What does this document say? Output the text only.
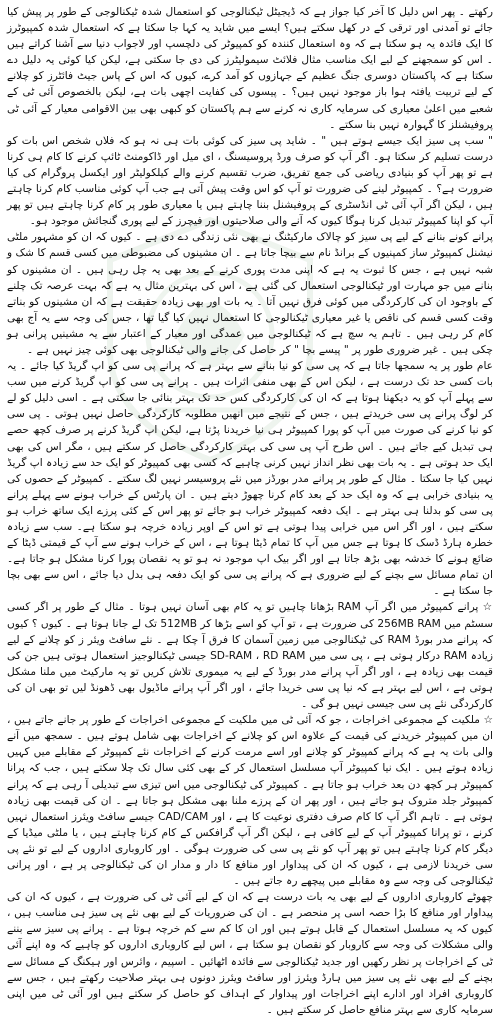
رکھتے ۔ پھر اس دلیل کا آخر کیا جواز ہے کہ ڈیجیٹل ٹیکنالوجی کو استعمال شدہ ٹیکنالوجی کے طور پر پیش کیا جائے تو آمدنی اور ترقی کے در کھل سکتے ہیں؟ ایسے میں شاید یہ کہا جا سکتا ہے کہ استعمال شدہ کمپیوٹرز کا ایک فائدہ یہ ہو سکتا ہے کہ وہ استعمال کنندہ کو کمپیوٹر کی دلچسپ اور لاجواب دنیا سے آشنا کراتے ہیں ۔ اس کو سمجھنے کے لیے ایک مناسب مثال فلائٹ سیمولیٹرز کی دی جا سکتی ہے، لیکن کیا کوئی یہ دلیل دے سکتا ہے کہ پاکستان دوسری جنگ عظیم کے جہازوں کو آمد کرے، کیوں کہ اس کے پاس جیٹ فائٹرز کو چلانے کے لیے تربیت یافتہ ہوا باز موجود نہیں ہیں؟ ۔ پیسوں کی کفایت اچھی بات ہے، لیکن بالخصوص آئی ٹی کے شعبے میں اعلیٰ معیاری کی سرمایہ کاری نہ کرنے سے ہم پاکستان کو کبھی بھی بین الاقوامی معیار کے آئی ٹی پروفیشنلز کا گہوارہ نہیں بنا سکتے ۔

" سب پی سیز ایک جیسے ہوتے ہیں " ۔ شاید پی سیز کی کوئی بات ہی نہ ہو کہ فلاں شخص اس بات کو درست تسلیم کر سکتا ہو۔ اگر آپ کو صرف ورڈ پروسیسنگ ، ای میل اور ڈاکومنٹ ٹائپ کرنے کا کام ہی کرنا ہے تو پھر آپ کو بنیادی ریاضی کی جمع تفریق، ضرب تقسیم کرنے والے کیلکولیٹر اور ایکسل پروگرام کی کیا ضرورت ہے؟ ۔ کمپیوٹر لینے کی ضرورت تو آپ کو اس وقت پیش آتی ہے جب آپ کوئی مناسب کام کرنا چاہتے ہیں ، لیکن اگر آپ آئی ٹی انڈسٹری کے پروفیشنل بننا چاہتے ہیں یا معیاری طور پر کام کرنا چاہتے ہیں تو پھر آپ کو اپنا کمپیوٹر تبدیل کرنا ہوگا کیوں کہ آنے والی صلاحیتوں اور فیچرز کے لیے پوری گنجائش موجود ہو۔

پرانے کونے بنانے کے لیے پی سیز کو چالاک مارکیٹنگ نے بھی نئی زندگی دے دی ہے ۔ کیوں کہ ان کو مشہور ملٹی نیشنل کمپیوٹر ساز کمپنیوں کے برانڈ نام سے بیچا جاتا ہے ۔ ان مشینوں کی مضبوطی میں کسی قسم کا شک و شبہ نہیں ہے ، جس کا ثبوت یہ ہے کہ اپنی مدت پوری کرنے کے بعد بھی یہ چل رہی ہیں ۔ ان مشینوں کو بنانے میں جو مہارت اور ٹیکنالوجی استعمال کی گئی ہے ، اس کی بہترین مثال یہ ہے کہ بہت عرصہ تک چلنے کے باوجود ان کی کارکردگی میں کوئی فرق نہیں آتا ۔ یہ بات اور بھی زیادہ حقیقت ہے کہ ان مشینوں کو بناتے وقت کسی قسم کی ناقص یا غیر معیاری ٹیکنالوجی کا استعمال نہیں کیا گیا تھا ، جس کی وجہ سے یہ آج بھی کام کر رہی ہیں ۔ تاہم یہ سچ ہے کہ ٹیکنالوجی میں عمدگی اور معیار کے اعتبار سے یہ مشینیں پرانی ہو چکی ہیں ۔ غیر ضروری طور پر " پیسے بچا " کر حاصل کی جانے والی ٹیکنالوجی بھی کوئی چیز نہیں ہے ۔

عام طور پر یہ سمجھا جاتا ہے کہ پی سی کو نیا بنانے سے بہتر ہے کہ پرانے پی سی کو اپ گریڈ کیا جائے ۔ یہ بات کسی حد تک درست ہے ، لیکن اس کے بھی منفی اثرات ہیں ۔ پرانے پی سی کو اپ گریڈ کرنے میں سب سے پہلے آپ کو یہ دیکھنا ہوتا ہے کہ ان کی کارکردگی کس حد تک بہتر بنائی جا سکتی ہے ۔ اسی دلیل کو لے کر لوگ پرانے پی سی خریدتے ہیں ، جس کے نتیجے میں انھیں مطلوبہ کارکردگی حاصل نہیں ہوتی ۔ پی سی کو نیا کرنے کی صورت میں آپ کو پورا کمپیوٹر ہی نیا خریدنا پڑتا ہے، لیکن اپ گریڈ کرنے پر صرف کچھ حصے ہی تبدیل کیے جاتے ہیں ۔ اس طرح آپ پی سی کی بہتر کارکردگی حاصل کر سکتے ہیں ، مگر اس کی بھی ایک حد ہوتی ہے ۔ یہ بات بھی نظر انداز نہیں کرنی چاہیے کہ کسی بھی کمپیوٹر کو ایک حد سے زیادہ اپ گریڈ نہیں کیا جا سکتا ۔ مثال کے طور پر پرانے مدر بورڈز میں نئے پروسیسر نہیں لگ سکتے ۔ کمپیوٹر کے حصوں کی یہ بنیادی خرابی ہے کہ وہ ایک حد کے بعد کام کرنا چھوڑ دیتے ہیں ۔ ان پارٹس کے خراب ہونے سے پہلے پرانے پی سی کو بدلنا ہی بہتر ہے ۔ ایک دفعہ کمپیوٹر خراب ہو جائے تو پھر اس کے کئی پرزے ایک ساتھ خراب ہو سکتے ہیں ، اور اگر اس میں خرابی پیدا ہوتی ہے تو اس کے اوپر زیادہ خرچہ ہو سکتا ہے۔ سب سے زیادہ خطرہ ہارڈ ڈسک کا ہوتا ہے جس میں آپ کا تمام ڈیٹا ہوتا ہے ، اس کے خراب ہونے سے آپ کے قیمتی ڈیٹا کے ضائع ہونے کا خدشہ بھی بڑھ جاتا ہے اور اگر بیک اپ موجود نہ ہو تو یہ نقصان پورا کرنا مشکل ہو جاتا ہے۔ ان تمام مسائل سے بچنے کے لیے ضروری ہے کہ پرانے پی سی کو ایک دفعہ ہی بدل دیا جائے ، اس سے بھی بچا جا سکتا ہے ۔

☆ پرانے کمپیوٹر میں اگر آپ RAM بڑھانا چاہیں تو یہ کام بھی آسان نہیں ہوتا ۔ مثال کے طور پر اگر کسی سسٹم میں 256MB RAM کی ضرورت ہے ، تو آپ کو اسے بڑھا کر 512MB تک لے جانا ہوتا ہے ۔ کیوں ؟ کیوں کہ پرانے مدر بورڈ RAM کی ٹیکنالوجی میں زمین آسمان کا فرق آ چکا ہے ۔ نئے سافٹ ویئر ز کو چلانے کے لیے زیادہ RAM درکار ہوتی ہے ، پی سی میں SD-RAM ، RD RAM جیسی ٹیکنالوجیز استعمال ہوتی ہیں جن کی قیمت بھی زیادہ ہے ، اور اگر آپ پرانے مدر بورڈ کے لیے یہ میموری تلاش کریں تو یہ مارکیٹ میں ملنا مشکل ہوتی ہے ، اس لیے بہتر ہے کہ نیا پی سی خریدا جائے ، اور اگر آپ پرانے ماڈیول بھی ڈھونڈ لیں تو بھی ان کی کارکردگی نئے پی سی جیسی نہیں ہو گی ۔

☆ ملکیت کے مجموعی اخراجات ، جو کہ آئی ٹی میں ملکیت کے مجموعی اخراجات کے طور پر جانے جاتے ہیں ، ان میں کمپیوٹر خریدنے کی قیمت کے علاوہ اس کو چلانے کے اخراجات بھی شامل ہوتے ہیں ۔ سمجھ میں آنے والی بات یہ ہے کہ پرانے کمپیوٹر کو چلانے اور اسے مرمت کرنے کے اخراجات نئے کمپیوٹر کے مقابلے میں کہیں زیادہ ہوتے ہیں ۔ ایک نیا کمپیوٹر آپ مسلسل استعمال کر کے بھی کئی سال تک چلا سکتے ہیں ، جب کہ پرانا کمپیوٹر ہر کچھ دن بعد خراب ہو جاتا ہے ۔ کمپیوٹر کی ٹیکنالوجی میں اس تیزی سے تبدیلی آ رہی ہے کہ پرانے کمپیوٹر جلد متروک ہو جاتے ہیں ، اور پھر ان کے پرزے ملنا بھی مشکل ہو جاتا ہے ۔ ان کی قیمت بھی زیادہ ہوتی ہے ۔ تاہم اگر آپ کا کام صرف دفتری نوعیت کا ہے ، اور CAD/CAM جیسے سافٹ ویئرز استعمال نہیں کرنے ، تو پرانا کمپیوٹر آپ کے لیے کافی ہے ، لیکن اگر آپ گرافکس کے کام کرنا چاہتے ہیں ، یا ملٹی میڈیا کے دیگر کام کرنا چاہتے ہیں تو پھر آپ کو نئے پی سی کی ضرورت ہوگی ۔ اور کاروباری اداروں کے لیے تو نئے پی سی خریدنا لازمی ہے ، کیوں کہ ان کی پیداوار اور منافع کا دار و مدار ان کی ٹیکنالوجی پر ہے ، اور پرانی ٹیکنالوجی کی وجہ سے وہ مقابلے میں پیچھے رہ جاتے ہیں ۔

چھوٹے کاروباری اداروں کے لیے بھی یہ بات درست ہے کہ ان کے لیے آئی ٹی کی ضرورت ہے ، کیوں کہ ان کی پیداوار اور منافع کا بڑا حصہ اسی پر منحصر ہے ۔ ان کی ضروریات کے لیے بھی نئے پی سیز ہی مناسب ہیں ، کیوں کہ یہ مسلسل استعمال کے قابل ہوتے ہیں اور ان کا کم سے کم خرچہ ہوتا ہے ۔ پرانے پی سیز سے بننے والی مشکلات کی وجہ سے کاروبار کو نقصان ہو سکتا ہے ، اس لیے کاروباری اداروں کو چاہیے کہ وہ اپنے آئی ٹی کے اخراجات پر نظر رکھیں اور جدید ٹیکنالوجی سے فائدہ اٹھائیں ۔ اسپیم ، وائرس اور ہیکنگ کے مسائل سے بچنے کے لیے بھی نئے پی سیز میں ہارڈ ویئرز اور سافٹ ویئرز دونوں ہی بہتر صلاحیت رکھتے ہیں ، جس سے کاروباری افراد اور ادارے اپنے اخراجات اور پیداوار کے اہداف کو حاصل کر سکتے ہیں اور آئی ٹی میں اپنی سرمایہ کاری سے بہتر منافع حاصل کر سکتے ہیں ۔
